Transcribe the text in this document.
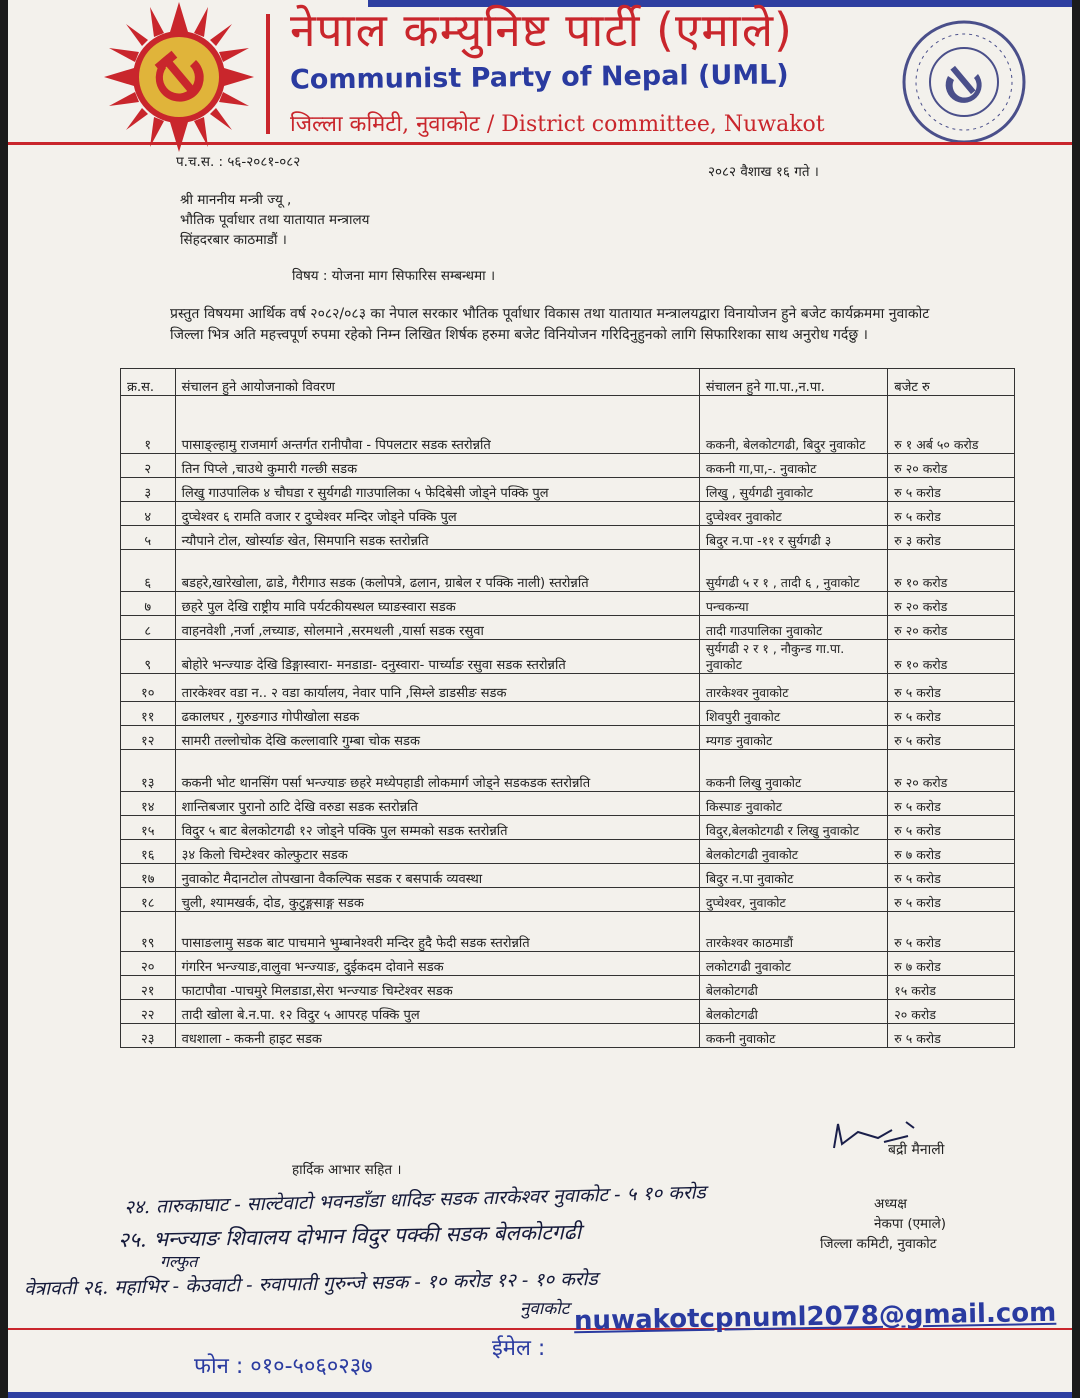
नेपाल कम्युनिष्ट पार्टी (एमाले)
Communist Party of Nepal (UML)
जिल्ला कमिटी, नुवाकोट / District committee, Nuwakot
प.च.स. : ५६-२०८१-०८२
२०८२ वैशाख १६ गते ।
श्री माननीय मन्त्री ज्यू ,
भौतिक पूर्वाधार तथा यातायात मन्त्रालय
सिंहदरबार काठमाडौं ।
विषय : योजना माग सिफारिस सम्बन्धमा ।
प्रस्तुत विषयमा आर्थिक वर्ष २०८२/०८३ का नेपाल सरकार भौतिक पूर्वाधार विकास तथा यातायात मन्त्रालयद्वारा विनायोजन हुने बजेट कार्यक्रममा नुवाकोट जिल्ला भित्र अति महत्त्वपूर्ण रुपमा रहेको निम्न लिखित शिर्षक हरुमा बजेट विनियोजन गरिदिनुहुनको लागि सिफारिशका साथ अनुरोध गर्दछु ।
क्र.स.	संचालन हुने आयोजनाको विवरण	संचालन हुने गा.पा.,न.पा.	बजेट रु
१	पासाङ्ल्हामु राजमार्ग अन्तर्गत रानीपौवा - पिपलटार सडक स्तरोन्नति	ककनी, बेलकोटगढी, बिदुर नुवाकोट	रु १ अर्ब ५० करोड
२	तिन पिप्ले ,चाउथे कुमारी गल्छी सडक	ककनी गा,पा,-. नुवाकोट	रु २० करोड
३	लिखु गाउपालिक ४ चौघडा र सुर्यगढी गाउपालिका ५ फेदिबेसी जोड्ने पक्कि पुल	लिखु , सुर्यगढी नुवाकोट	रु ५ करोड
४	दुप्चेश्वर ६ रामति वजार र दुप्चेश्वर मन्दिर जोड्ने पक्कि पुल	दुप्चेश्वर नुवाकोट	रु ५ करोड
५	न्यौपाने टोल, खोर्स्याङ खेत, सिमपानि सडक स्तरोन्नति	बिदुर न.पा -११ र सुर्यगढी ३	रु ३ करोड
६	बडहरे,खारेखोला, ढाडे, गैरीगाउ सडक (कलोपत्रे, ढलान, ग्राबेल र पक्कि नाली) स्तरोन्नति	सुर्यगढी ५ र १ , तादी ६ , नुवाकोट	रु १० करोड
७	छहरे पुल देखि राष्ट्रीय मावि पर्यटकीयस्थल घ्याङस्वारा सडक	पन्चकन्या	रु २० करोड
८	वाहनवेशी ,नर्जा ,लच्याङ, सोलमाने ,सरमथली ,यार्सा सडक रसुवा	तादी गाउपालिका नुवाकोट	रु २० करोड
९	बोहोरे भन्ज्याङ देखि डिङ्गास्वारा- मनडाडा- दनुस्वारा- पार्च्याङ रसुवा सडक स्तरोन्नति	सुर्यगढी २ र १ , नौकुन्ड गा.पा. नुवाकोट	रु १० करोड
१०	तारकेश्वर वडा न.. २ वडा कार्यालय, नेवार पानि ,सिम्ले डाडसीङ सडक	तारकेश्वर नुवाकोट	रु ५ करोड
११	ढकालघर , गुरुङगाउ गोपीखोला सडक	शिवपुरी नुवाकोट	रु ५ करोड
१२	सामरी तल्लोचोक देखि कल्लावारि गुम्बा चोक सडक	म्यगङ नुवाकोट	रु ५ करोड
१३	ककनी भोट थानसिंग पर्सा भन्ज्याङ छहरे मध्येपहाडी लोकमार्ग जोड्ने सडकडक स्तरोन्नति	ककनी लिखु नुवाकोट	रु २० करोड
१४	शान्तिबजार पुरानो ठाटि देखि वरुडा सडक स्तरोन्नति	किस्पाङ नुवाकोट	रु ५ करोड
१५	विदुर ५ बाट बेलकोटगढी १२ जोड्ने पक्कि पुल सम्मको सडक स्तरोन्नति	विदुर,बेलकोटगढी र लिखु नुवाकोट	रु ५ करोड
१६	३४ किलो चिम्टेश्वर कोल्फुटार सडक	बेलकोटगढी नुवाकोट	रु ७ करोड
१७	नुवाकोट मैदानटोल तोपखाना वैकल्पिक सडक र बसपार्क व्यवस्था	बिदुर न.पा नुवाकोट	रु ५ करोड
१८	चुली, श्यामखर्क, दोड, कुटुङ्गसाङ्ग सडक	दुप्चेश्वर, नुवाकोट	रु ५ करोड
१९	पासाङलामु सडक बाट पाचमाने भुम्बानेश्वरी मन्दिर हुदै फेदी सडक स्तरोन्नति	तारकेश्वर काठमाडौं	रु ५ करोड
२०	गंगरिन भन्ज्याङ,वालुवा भन्ज्याङ, दुईकदम दोवाने सडक	लकोटगढी नुवाकोट	रु ७ करोड
२१	फाटापौवा -पाचमुरे मिलडाडा,सेरा भन्ज्याङ चिम्टेश्वर सडक	बेलकोटगढी	१५ करोड
२२	तादी खोला बे.न.पा. १२ विदुर ५ आपरह पक्कि पुल	बेलकोटगढी	२० करोड
२३	वधशाला - ककनी हाइट सडक	ककनी नुवाकोट	रु ५ करोड
हार्दिक आभार सहित ।
बद्री मैनाली
अध्यक्ष
नेकपा (एमाले)
जिल्ला कमिटी, नुवाकोट
२४. तारुकाघाट - साल्टेवाटो भवनडाँडा धादिङ सडक तारकेश्वर नुवाकोट - ५ १० करोड
२५. भन्ज्याङ शिवालय दोभान विदुर पक्की सडक बेलकोटगढी
गल्फुत
वेत्रावती २६. महाभिर - केउवाटी - रुवापाती गुरुन्जे सडक - १० करोड १२ - १० करोड
नुवाकोट nuwakotcpnuml2078@gmail.com
ईमेल :
फोन : ०१०-५०६०२३७
